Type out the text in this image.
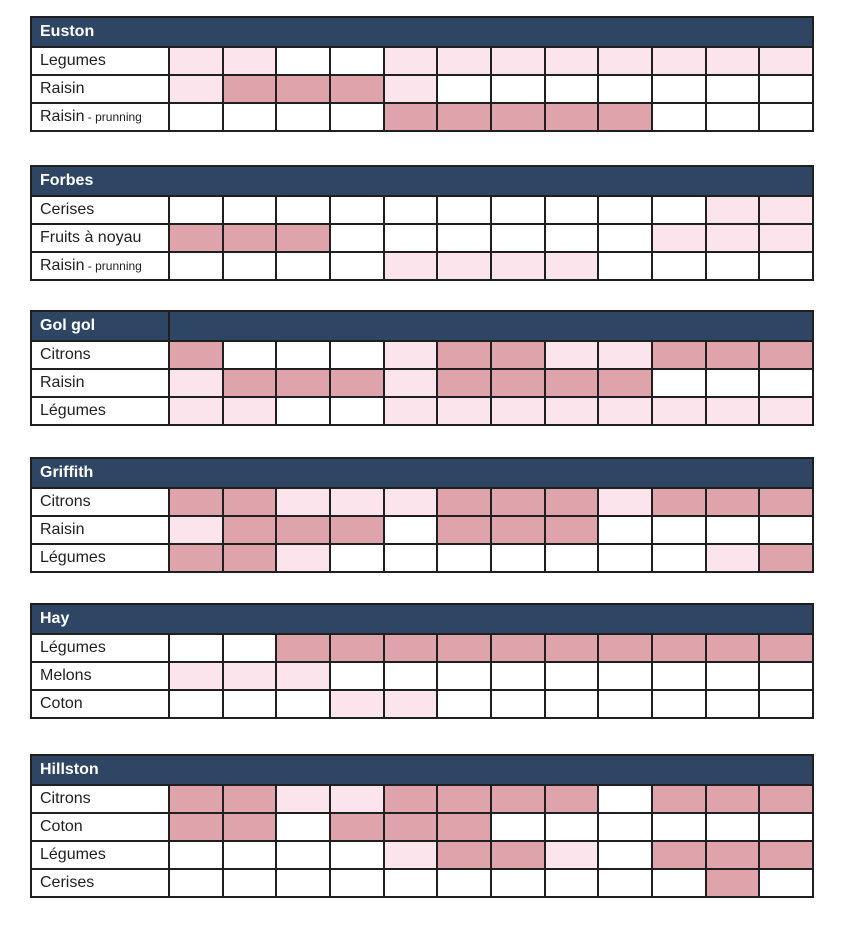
Euston
Legumes												
Raisin												
Raisin - prunning												
Forbes
Cerises												
Fruits à noyau												
Raisin - prunning												
Gol gol
Citrons												
Raisin												
Légumes												
Griffith
Citrons												
Raisin												
Légumes												
Hay
Légumes												
Melons												
Coton												
Hillston
Citrons												
Coton												
Légumes												
Cerises												
